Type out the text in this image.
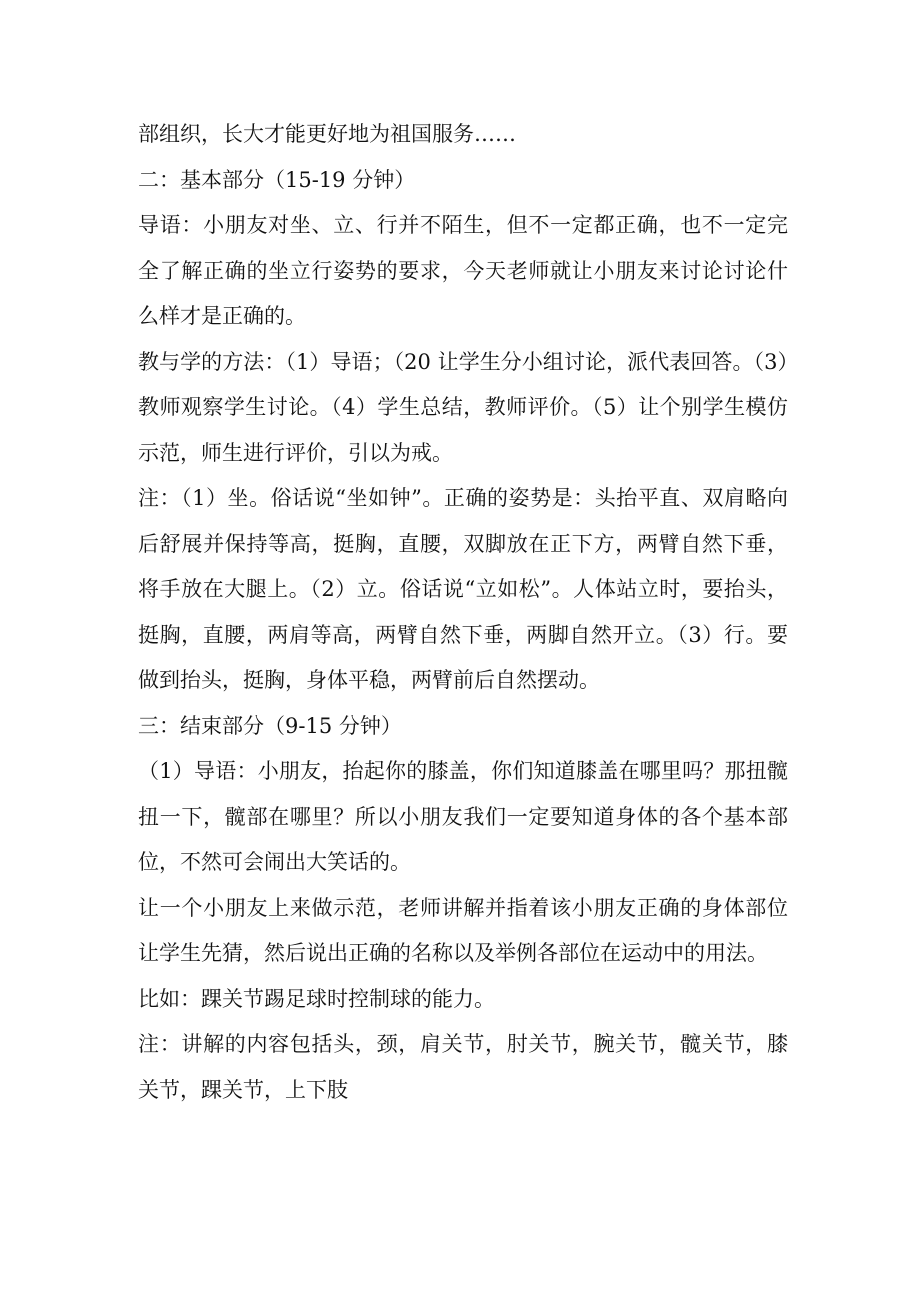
部组织，长大才能更好地为祖国服务……

二：基本部分（15-19 分钟）

导语：小朋友对坐、立、行并不陌生，但不一定都正确，也不一定完全了解正确的坐立行姿势的要求，今天老师就让小朋友来讨论讨论什么样才是正确的。

教与学的方法：（1）导语；（20 让学生分小组讨论，派代表回答。（3）教师观察学生讨论。（4）学生总结，教师评价。（5）让个别学生模仿示范，师生进行评价，引以为戒。

注：（1）坐。俗话说“坐如钟”。正确的姿势是：头抬平直、双肩略向后舒展并保持等高，挺胸，直腰，双脚放在正下方，两臂自然下垂，将手放在大腿上。（2）立。俗话说“立如松”。人体站立时，要抬头，挺胸，直腰，两肩等高，两臂自然下垂，两脚自然开立。（3）行。要做到抬头，挺胸，身体平稳，两臂前后自然摆动。

三：结束部分（9-15 分钟）

（1）导语：小朋友，抬起你的膝盖，你们知道膝盖在哪里吗？那扭髋扭一下，髋部在哪里？所以小朋友我们一定要知道身体的各个基本部位，不然可会闹出大笑话的。

让一个小朋友上来做示范，老师讲解并指着该小朋友正确的身体部位让学生先猜，然后说出正确的名称以及举例各部位在运动中的用法。

比如：踝关节踢足球时控制球的能力。

注：讲解的内容包括头，颈，肩关节，肘关节，腕关节，髋关节，膝关节，踝关节，上下肢
